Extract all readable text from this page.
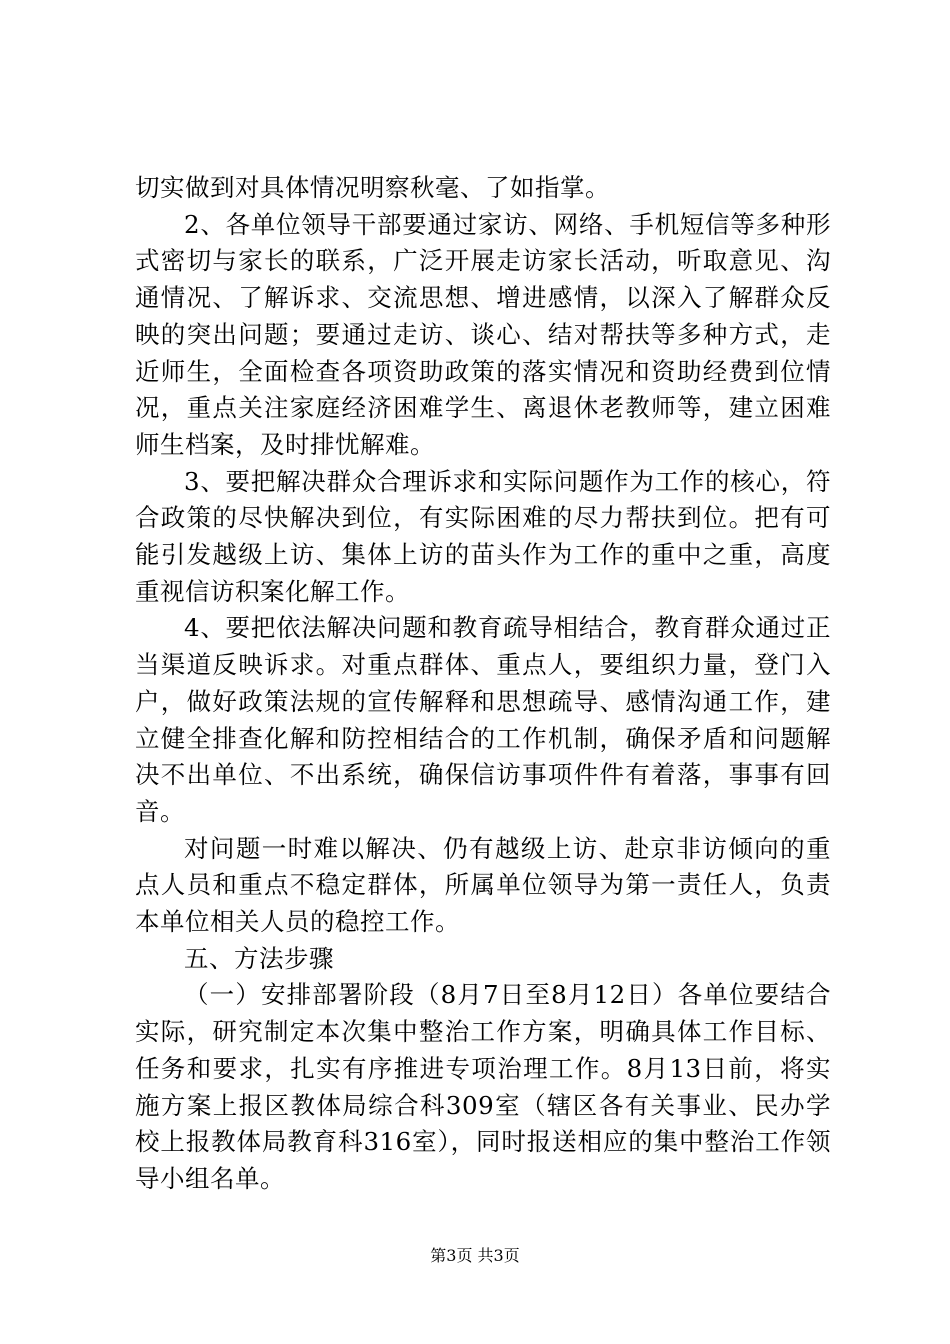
切实做到对具体情况明察秋毫、了如指掌。

2、各单位领导干部要通过家访、网络、手机短信等多种形式密切与家长的联系，广泛开展走访家长活动，听取意见、沟通情况、了解诉求、交流思想、增进感情，以深入了解群众反映的突出问题；要通过走访、谈心、结对帮扶等多种方式，走近师生，全面检查各项资助政策的落实情况和资助经费到位情况，重点关注家庭经济困难学生、离退休老教师等，建立困难师生档案，及时排忧解难。

3、要把解决群众合理诉求和实际问题作为工作的核心，符合政策的尽快解决到位，有实际困难的尽力帮扶到位。把有可能引发越级上访、集体上访的苗头作为工作的重中之重，高度重视信访积案化解工作。

4、要把依法解决问题和教育疏导相结合，教育群众通过正当渠道反映诉求。对重点群体、重点人，要组织力量，登门入户，做好政策法规的宣传解释和思想疏导、感情沟通工作，建立健全排查化解和防控相结合的工作机制，确保矛盾和问题解决不出单位、不出系统，确保信访事项件件有着落，事事有回音。

对问题一时难以解决、仍有越级上访、赴京非访倾向的重点人员和重点不稳定群体，所属单位领导为第一责任人，负责本单位相关人员的稳控工作。

五、方法步骤

（一）安排部署阶段（8月7日至8月12日）各单位要结合实际，研究制定本次集中整治工作方案，明确具体工作目标、任务和要求，扎实有序推进专项治理工作。8月13日前，将实施方案上报区教体局综合科309室（辖区各有关事业、民办学校上报教体局教育科316室），同时报送相应的集中整治工作领导小组名单。

第3页 共3页
